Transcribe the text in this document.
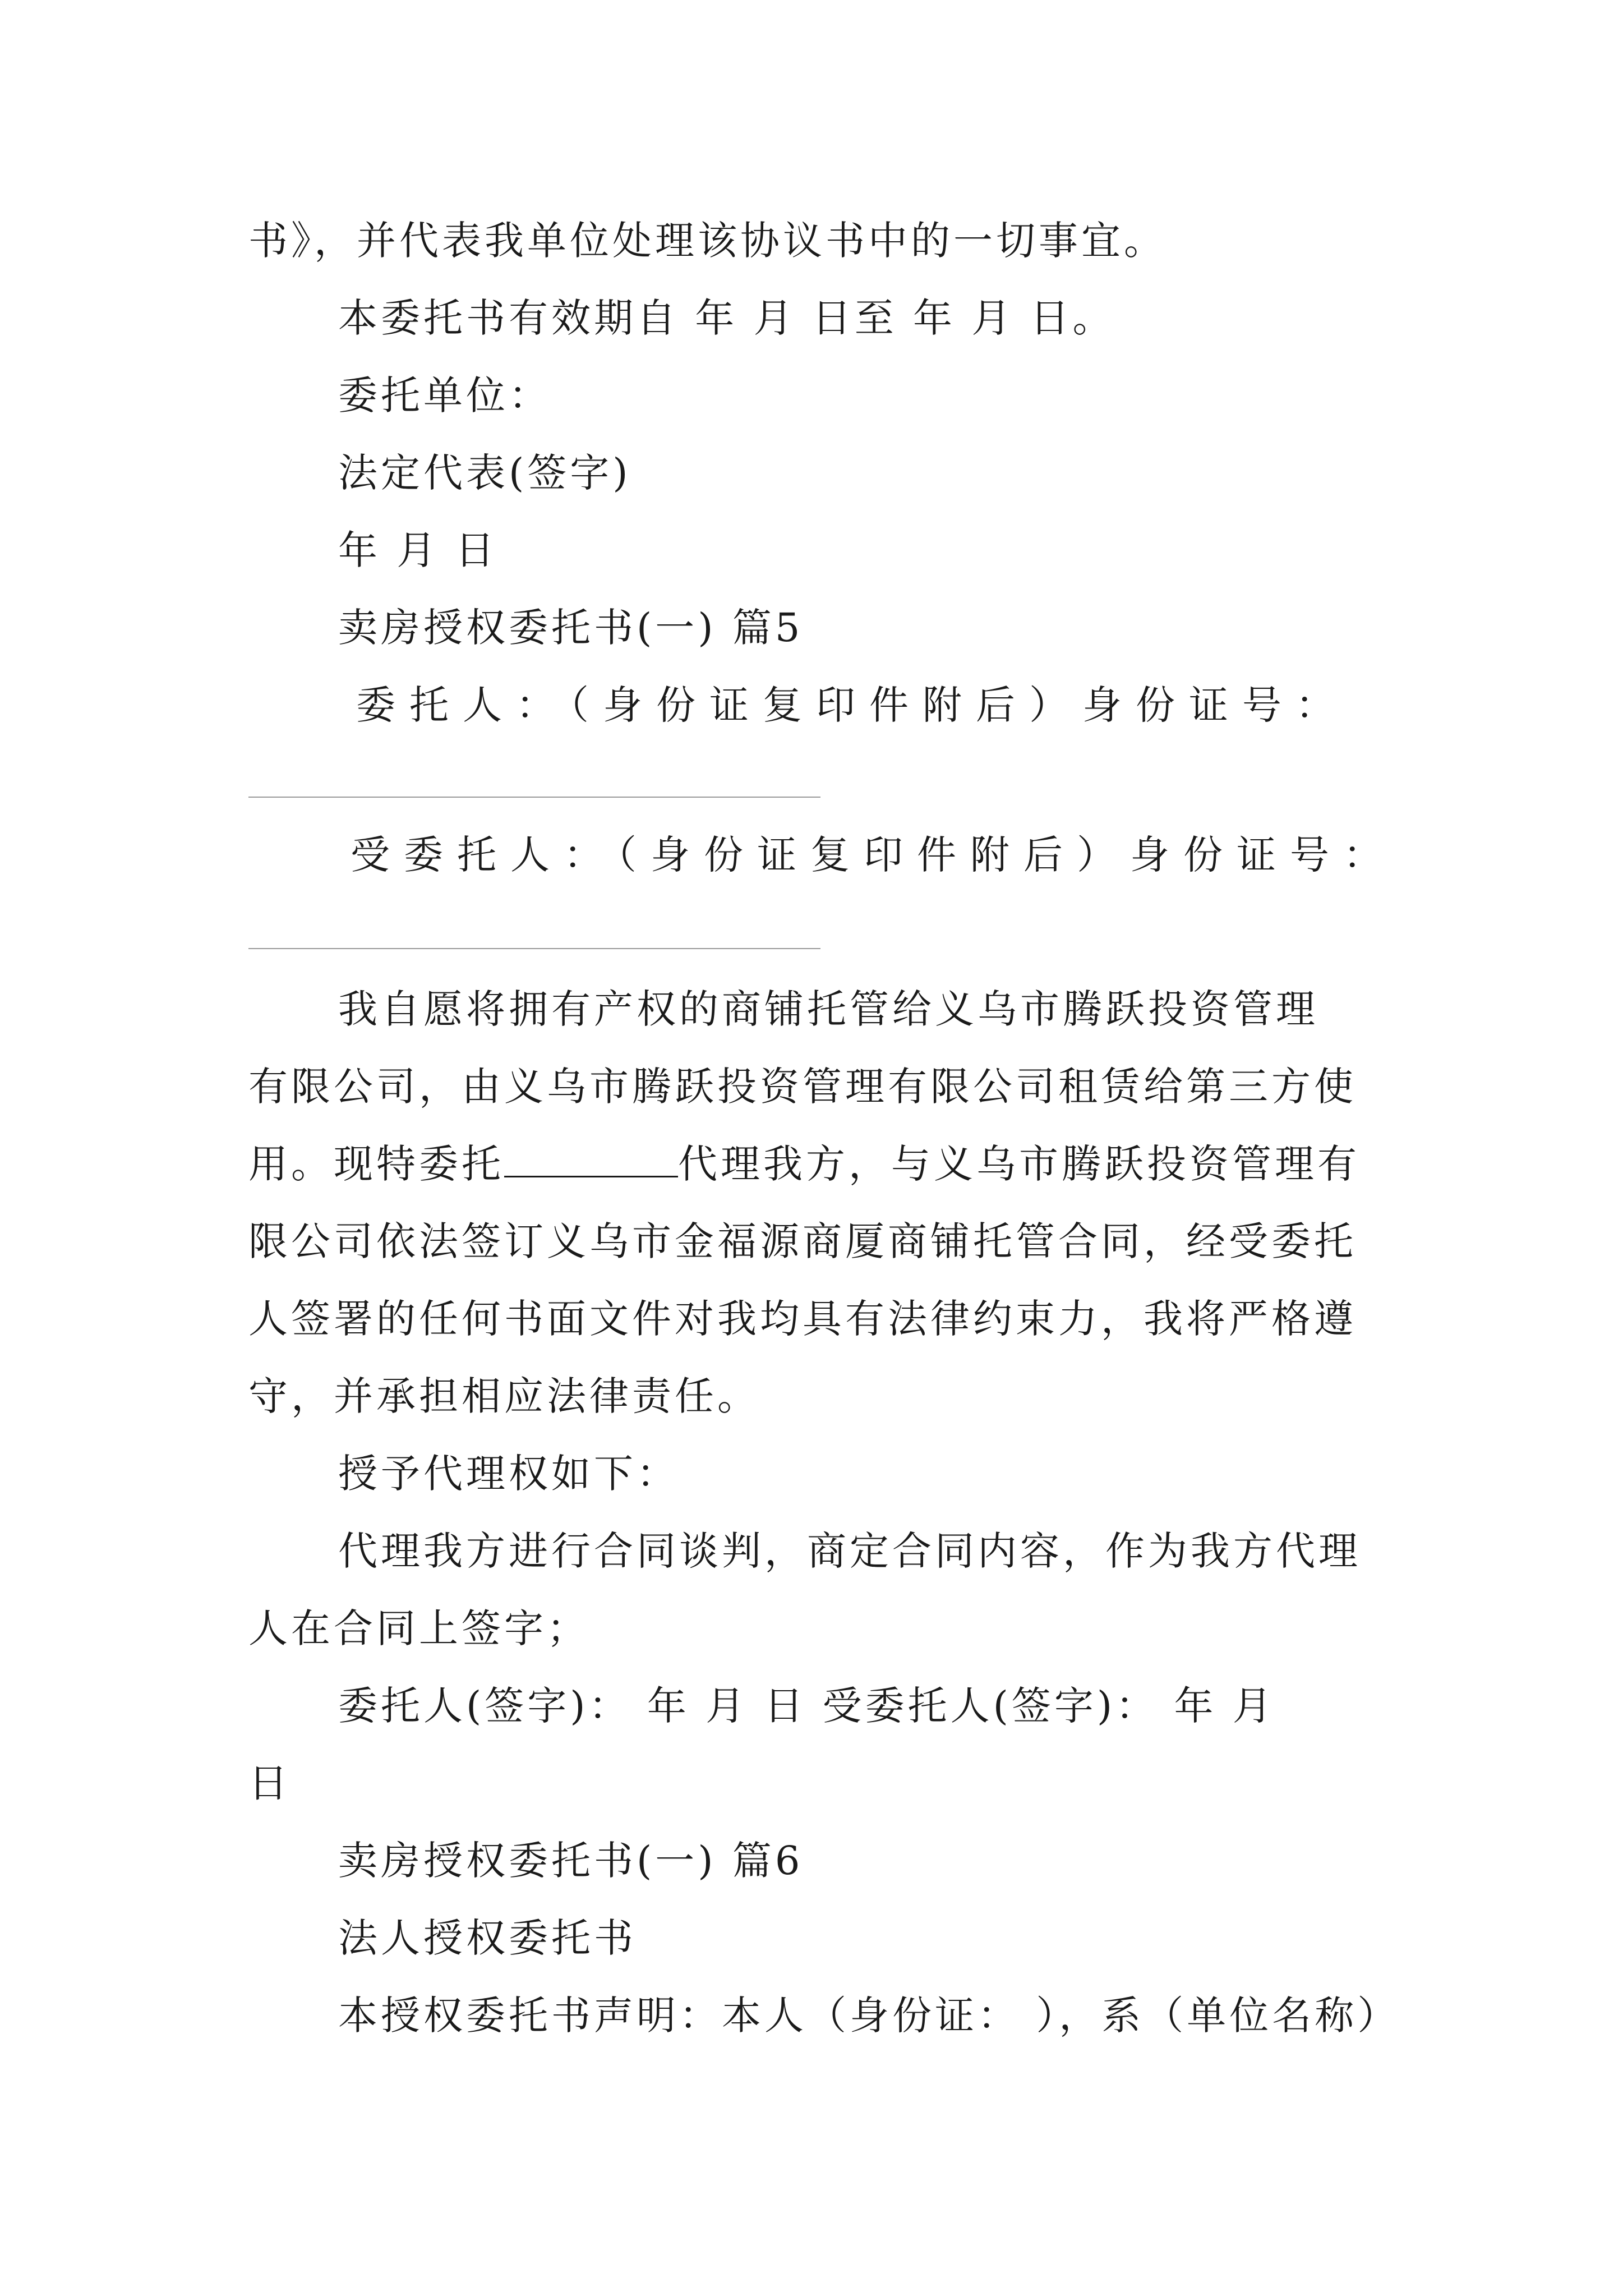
书》，并代表我单位处理该协议书中的一切事宜。
本委托书有效期自 年 月 日至 年 月 日。
委托单位：
法定代表(签字)
年 月 日
卖房授权委托书(一) 篇5
委托人：（身份证复印件附后）身份证号：
受委托人：（身份证复印件附后）身份证号：
我自愿将拥有产权的商铺托管给义乌市腾跃投资管理
有限公司，由义乌市腾跃投资管理有限公司租赁给第三方使
用。现特委托	代理我方，与义乌市腾跃投资管理有
限公司依法签订义乌市金福源商厦商铺托管合同，经受委托
人签署的任何书面文件对我均具有法律约束力，我将严格遵
守，并承担相应法律责任。
授予代理权如下：
代理我方进行合同谈判，商定合同内容，作为我方代理
人在合同上签字；
委托人(签字)： 年 月 日 受委托人(签字)： 年 月
日
卖房授权委托书(一) 篇6
法人授权委托书
本授权委托书声明：本人（身份证： ），系（单位名称）
